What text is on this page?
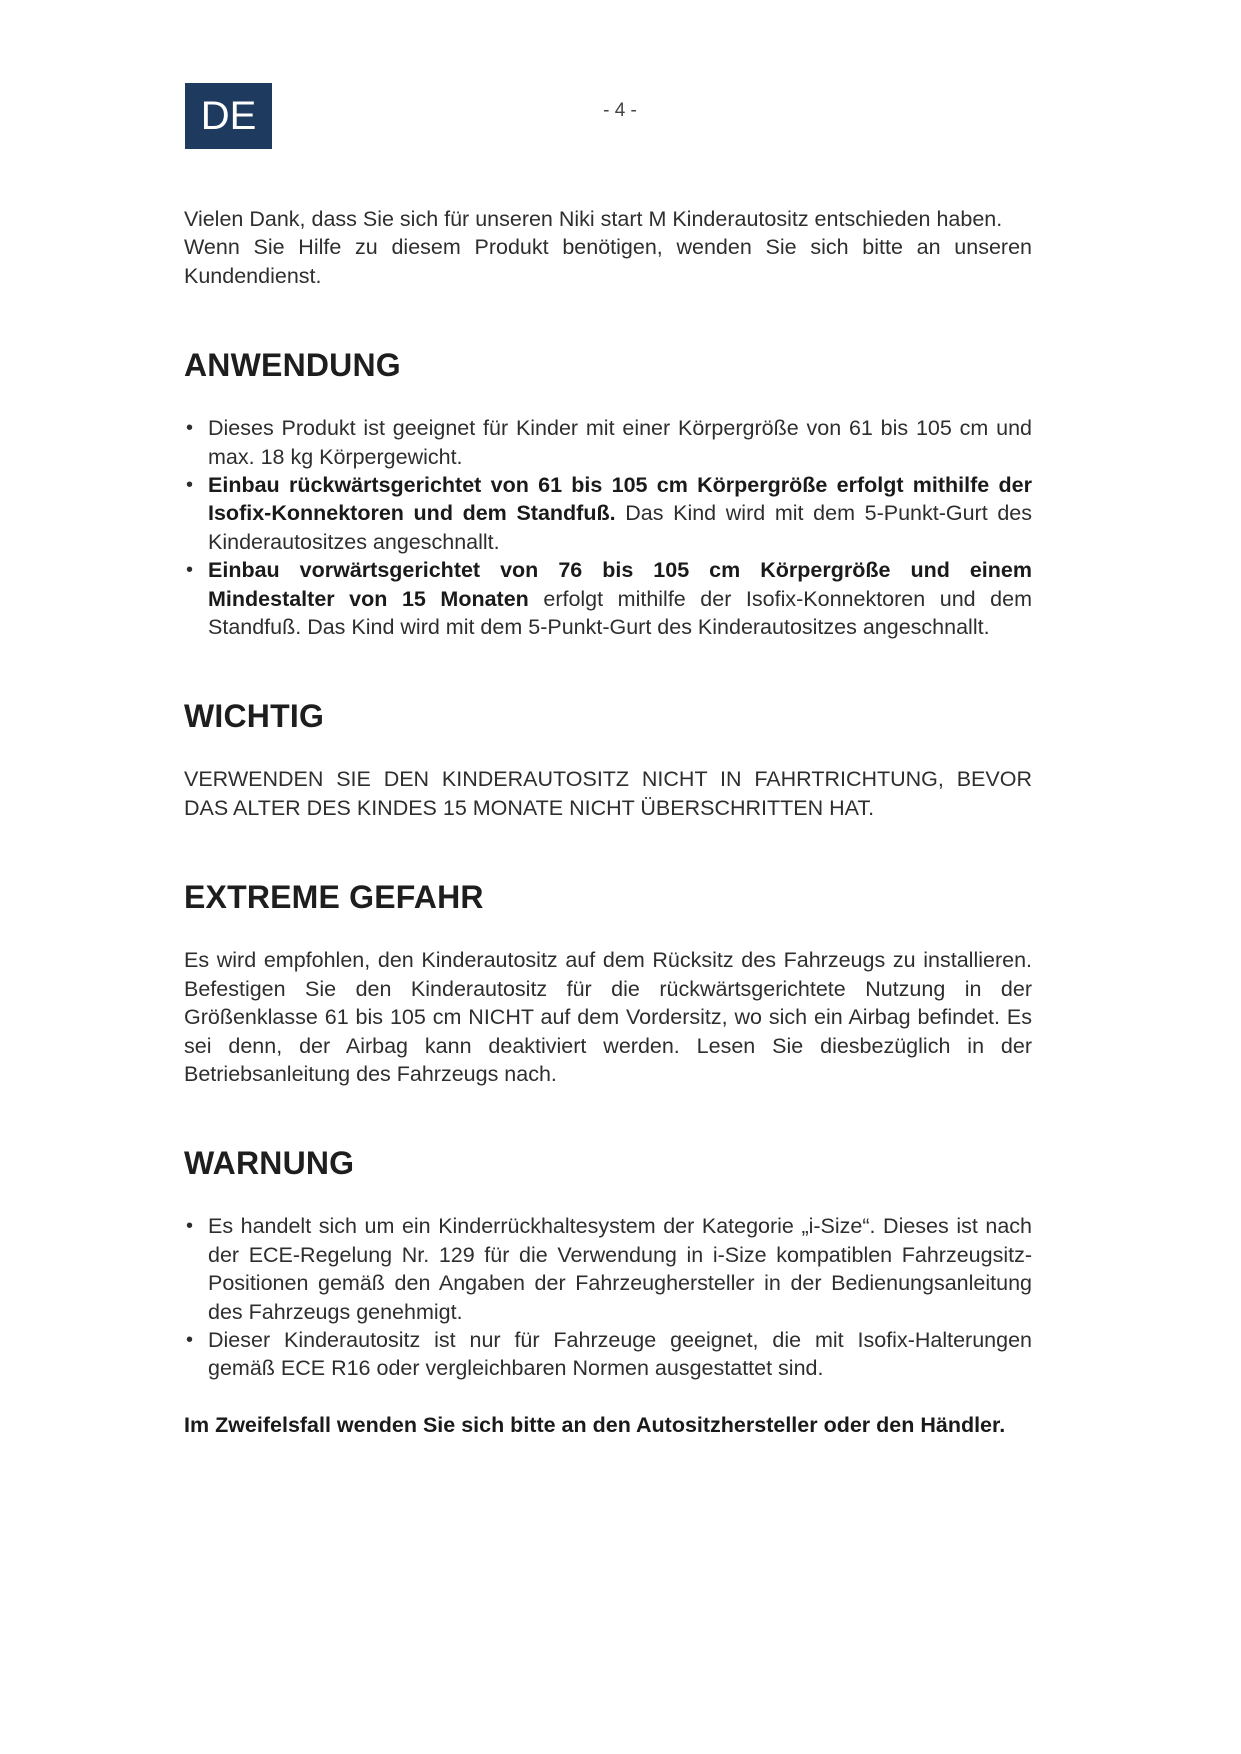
DE	- 4 -

Vielen Dank, dass Sie sich für unseren Niki start M Kinderautositz entschieden haben.

Wenn Sie Hilfe zu diesem Produkt benötigen, wenden Sie sich bitte an unseren Kundendienst.

ANWENDUNG
• Dieses Produkt ist geeignet für Kinder mit einer Körpergröße von 61 bis 105 cm und max. 18 kg Körpergewicht.
• Einbau rückwärtsgerichtet von 61 bis 105 cm Körpergröße erfolgt mithilfe der Isofix-Konnektoren und dem Standfuß. Das Kind wird mit dem 5-Punkt-Gurt des Kinderautositzes angeschnallt.
• Einbau vorwärtsgerichtet von 76 bis 105 cm Körpergröße und einem Mindestalter von 15 Monaten erfolgt mithilfe der Isofix-Konnektoren und dem Standfuß. Das Kind wird mit dem 5-Punkt-Gurt des Kinderautositzes angeschnallt.
WICHTIG

VERWENDEN SIE DEN KINDERAUTOSITZ NICHT IN FAHRTRICHTUNG, BEVOR DAS ALTER DES KINDES 15 MONATE NICHT ÜBERSCHRITTEN HAT.

EXTREME GEFAHR

Es wird empfohlen, den Kinderautositz auf dem Rücksitz des Fahrzeugs zu installieren. Befestigen Sie den Kinderautositz für die rückwärtsgerichtete Nutzung in der Größenklasse 61 bis 105 cm NICHT auf dem Vordersitz, wo sich ein Airbag befindet. Es sei denn, der Airbag kann deaktiviert werden. Lesen Sie diesbezüglich in der Betriebsanleitung des Fahrzeugs nach.

WARNUNG
• Es handelt sich um ein Kinderrückhaltesystem der Kategorie „i-Size“. Dieses ist nach der ECE-Regelung Nr. 129 für die Verwendung in i-Size kompatiblen Fahrzeugsitz-Positionen gemäß den Angaben der Fahrzeughersteller in der Bedienungsanleitung des Fahrzeugs genehmigt.
• Dieser Kinderautositz ist nur für Fahrzeuge geeignet, die mit Isofix-Halterungen gemäß ECE R16 oder vergleichbaren Normen ausgestattet sind.

Im Zweifelsfall wenden Sie sich bitte an den Autositzhersteller oder den Händler.
